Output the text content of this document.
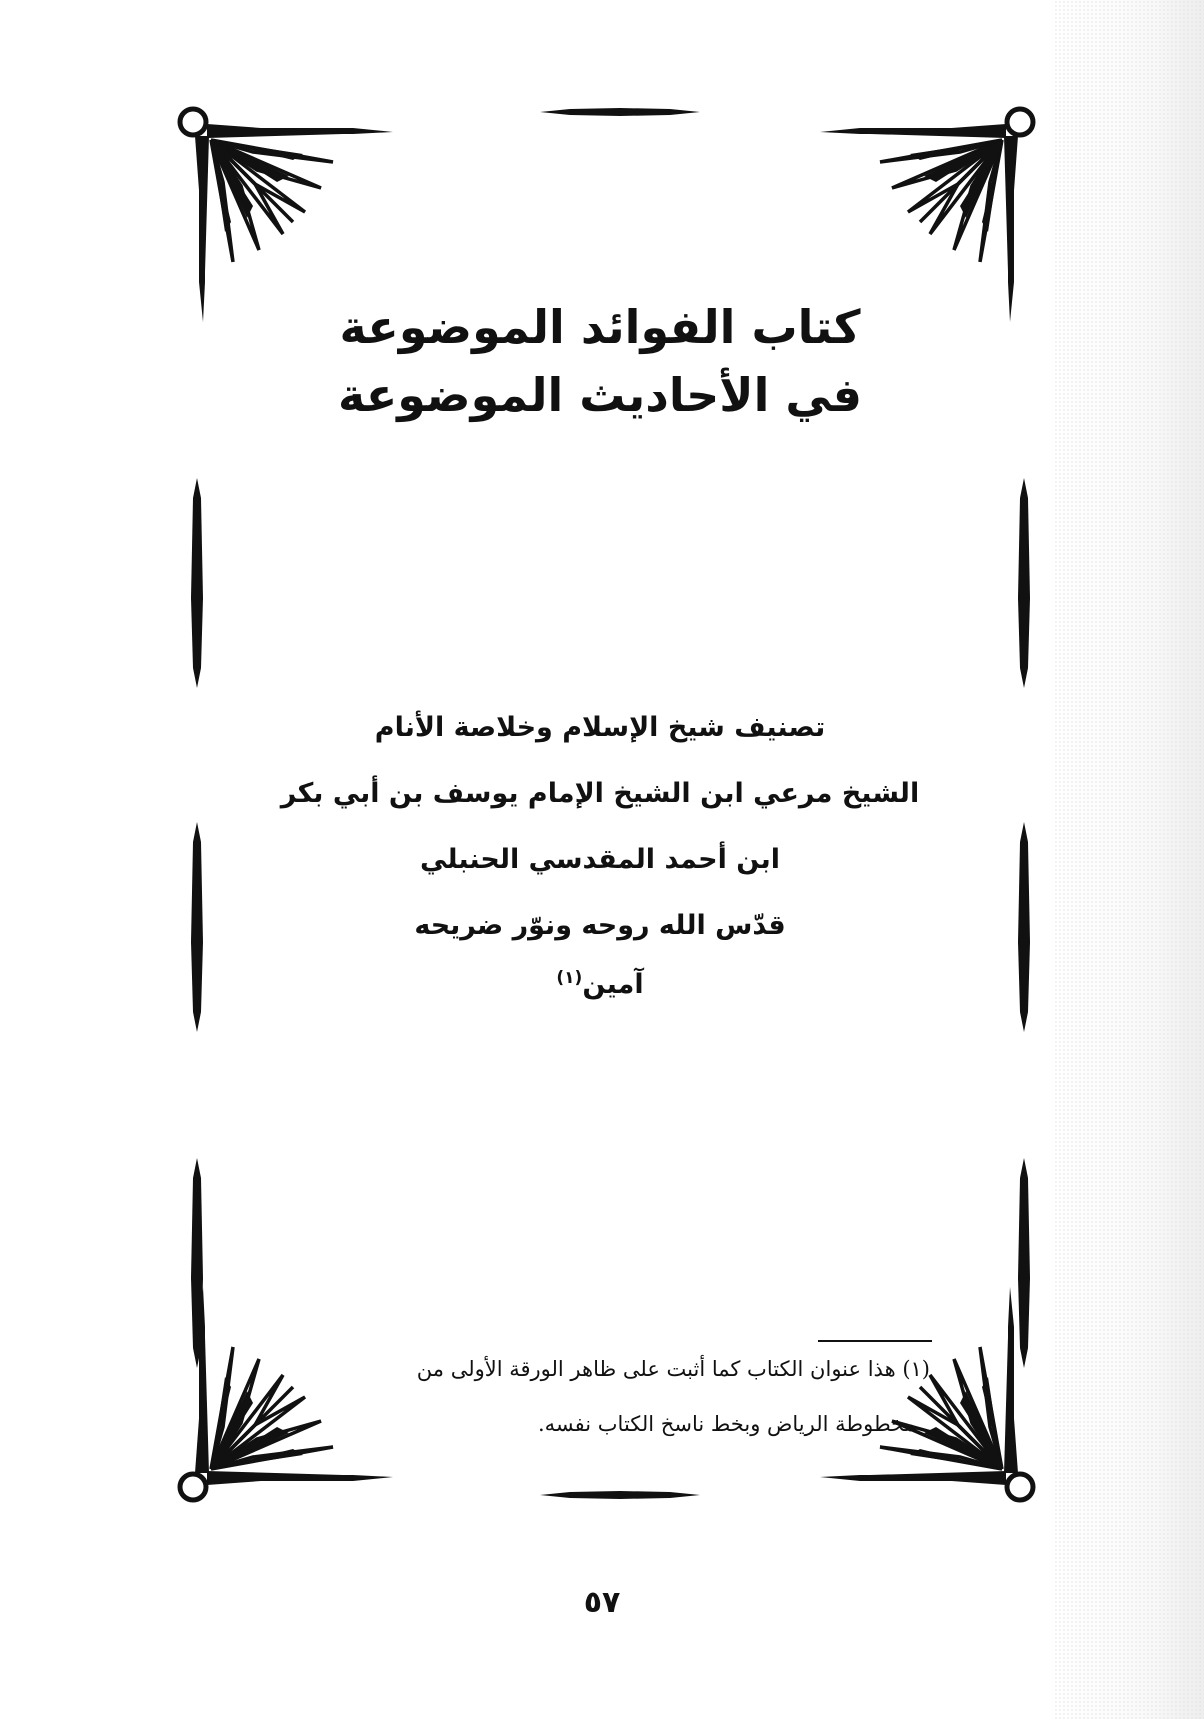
كتاب الفوائد الموضوعة
في الأحاديث الموضوعة
تصنيف شيخ الإسلام وخلاصة الأنام
الشيخ مرعي ابن الشيخ الإمام يوسف بن أبي بكر
ابن أحمد المقدسي الحنبلي
قدّس الله روحه ونوّر ضريحه
آمين$^{(١)}$
(١) هذا عنوان الكتاب كما أثبت على ظاهر الورقة الأولى من
مخطوطة الرياض وبخط ناسخ الكتاب نفسه.
٥٧
